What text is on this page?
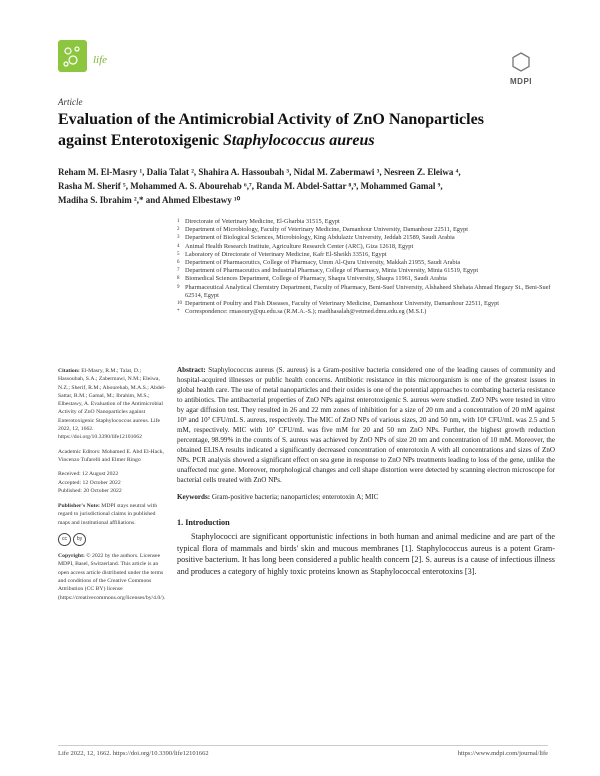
life
MDPI
Article
Evaluation of the Antimicrobial Activity of ZnO Nanoparticles
against Enterotoxigenic Staphylococcus aureus
Reham M. El-Masry ¹, Dalia Talat ², Shahira A. Hassoubah ³, Nidal M. Zabermawi ³, Nesreen Z. Eleiwa ⁴,
Rasha M. Sherif ⁵, Mohammed A. S. Abourehab ⁶,⁷, Randa M. Abdel-Sattar ⁸,⁹, Mohammed Gamal ⁹,
Madiha S. Ibrahim ²,* and Ahmed Elbestawy ¹⁰
1 Directorate of Veterinary Medicine, El-Gharbia 31515, Egypt
2 Department of Microbiology, Faculty of Veterinary Medicine, Damanhour University, Damanhour 22511, Egypt
3 Department of Biological Sciences, Microbiology, King Abdulaziz University, Jeddah 21589, Saudi Arabia
4 Animal Health Research Institute, Agriculture Research Center (ARC), Giza 12618, Egypt
5 Laboratory of Directorate of Veterinary Medicine, Kafr El-Sheikh 33516, Egypt
6 Department of Pharmaceutics, College of Pharmacy, Umm Al-Qura University, Makkah 21955, Saudi Arabia
7 Department of Pharmaceutics and Industrial Pharmacy, College of Pharmacy, Minia University, Minia 61519, Egypt
8 Biomedical Sciences Department, College of Pharmacy, Shaqra University, Shaqra 11961, Saudi Arabia
9 Pharmaceutical Analytical Chemistry Department, Faculty of Pharmacy, Beni-Suef University, Alshaheed Shehata Ahmad Hegazy St., Beni-Suef 62514, Egypt
10 Department of Poultry and Fish Diseases, Faculty of Veterinary Medicine, Damanhour University, Damanhour 22511, Egypt
* Correspondence: rmasoury@qu.edu.sa (R.M.A.-S.); madihasalah@vetmed.dmu.edu.eg (M.S.I.)

Citation: El-Masry, R.M.; Talat, D.; Hassoubah, S.A.; Zabermawi, N.M.; Eleiwa, N.Z.; Sherif, R.M.; Abourehab, M.A.S.; Abdel-Sattar, R.M.; Gamal, M.; Ibrahim, M.S.; Elbestawy, A. Evaluation of the Antimicrobial Activity of ZnO Nanoparticles against Enterotoxigenic Staphylococcus aureus. Life 2022, 12, 1662. https://doi.org/10.3390/life12101662

Academic Editors: Mohamed E. Abd El-Hack, Vincenzo Tufarelli and Elmer Ringo

Received: 12 August 2022
Accepted: 12 October 2022
Published: 20 October 2022

Publisher's Note: MDPI stays neutral with regard to jurisdictional claims in published maps and institutional affiliations.

cc	by

Copyright: © 2022 by the authors. Licensee MDPI, Basel, Switzerland. This article is an open access article distributed under the terms and conditions of the Creative Commons Attribution (CC BY) license (https://creativecommons.org/licenses/by/4.0/).

Abstract: Staphylococcus aureus (S. aureus) is a Gram-positive bacteria considered one of the leading causes of community and hospital-acquired illnesses or public health concerns. Antibiotic resistance in this microorganism is one of the greatest issues in global health care. The use of metal nanoparticles and their oxides is one of the potential approaches to combating bacteria resistance to antibiotics. The antibacterial properties of ZnO NPs against enterotoxigenic S. aureus were studied. ZnO NPs were tested in vitro by agar diffusion test. They resulted in 26 and 22 mm zones of inhibition for a size of 20 nm and a concentration of 20 mM against 10⁵ and 10⁷ CFU/mL S. aureus, respectively. The MIC of ZnO NPs of various sizes, 20 and 50 nm, with 10⁵ CFU/mL was 2.5 and 5 mM, respectively. MIC with 10⁷ CFU/mL was five mM for 20 and 50 nm ZnO NPs. Further, the highest growth reduction percentage, 98.99% in the counts of S. aureus was achieved by ZnO NPs of size 20 nm and concentration of 10 mM. Moreover, the obtained ELISA results indicated a significantly decreased concentration of enterotoxin A with all concentrations and sizes of ZnO NPs. PCR analysis showed a significant effect on sea gene in response to ZnO NPs treatments leading to loss of the gene, unlike the unaffected nuc gene. Moreover, morphological changes and cell shape distortion were detected by scanning electron microscope for bacterial cells treated with ZnO NPs.

Keywords: Gram-positive bacteria; nanoparticles; enterotoxin A; MIC

1. Introduction

Staphylococci are significant opportunistic infections in both human and animal medicine and are part of the typical flora of mammals and birds' skin and mucous membranes [1]. Staphylococcus aureus is a potent Gram-positive bacterium. It has long been considered a public health concern [2]. S. aureus is a cause of infectious illness and produces a category of highly toxic proteins known as Staphylococcal enterotoxins [3].

Life 2022, 12, 1662. https://doi.org/10.3390/life12101662	https://www.mdpi.com/journal/life
